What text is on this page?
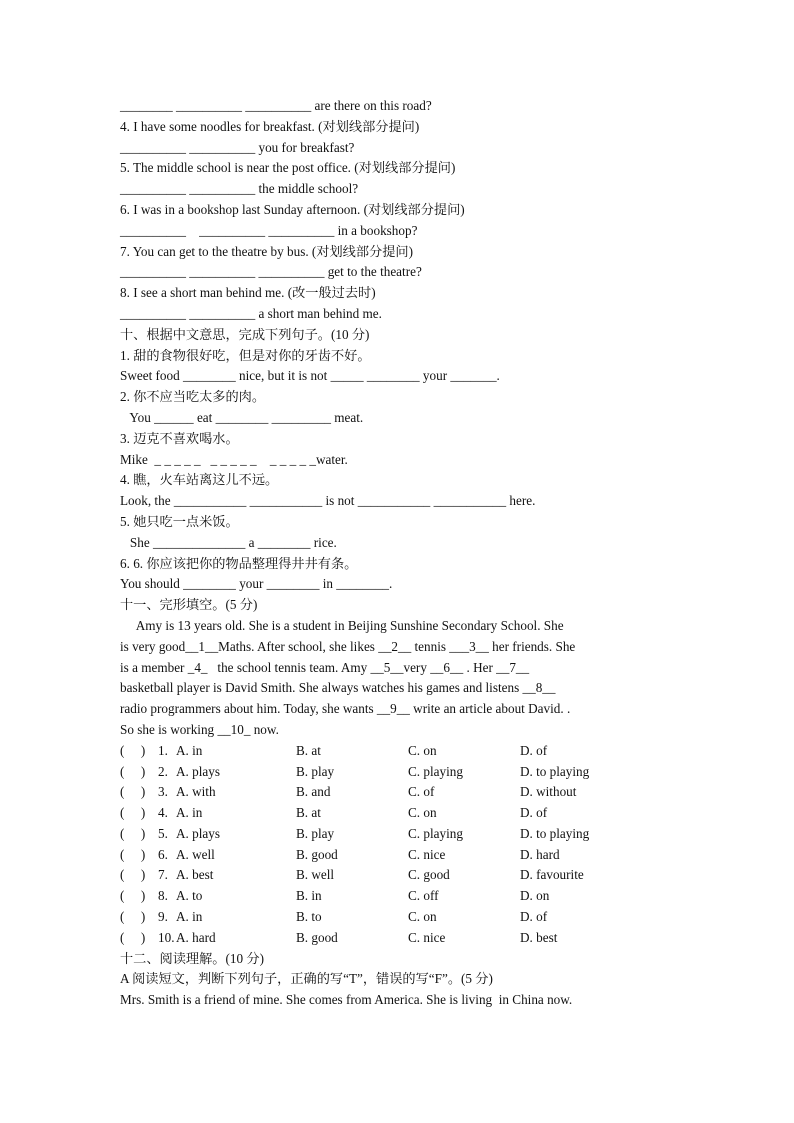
________ __________ __________ are there on this road?
4. I have some noodles for breakfast. (对划线部分提问)
__________ __________ you for breakfast?
5. The middle school is near the post office. (对划线部分提问)
__________ __________ the middle school?
6. I was in a bookshop last Sunday afternoon. (对划线部分提问)
__________    __________ __________ in a bookshop?
7. You can get to the theatre by bus. (对划线部分提问)
__________ __________ __________ get to the theatre?
8. I see a short man behind me. (改一般过去时)
__________ __________ a short man behind me.
十、根据中文意思，完成下列句子。(10 分)
1. 甜的食物很好吃，但是对你的牙齿不好。
Sweet food ________ nice, but it is not _____ ________ your _______.
2. 你不应当吃太多的肉。
You ______ eat ________ _________ meat.
3. 迈克不喜欢喝水。
Mike  _ _ _ _ _   _ _ _ _ _    _ _ _ _ _water.
4. 瞧，火车站离这儿不远。
Look, the ___________ ___________ is not ___________ ___________ here.
5. 她只吃一点米饭。
She ______________ a ________ rice.
6. 6. 你应该把你的物品整理得井井有条。
You should ________ your ________ in ________.
十一、完形填空。(5 分)
Amy is 13 years old. She is a student in Beijing Sunshine Secondary School. She
is very good__1__Maths. After school, she likes __2__ tennis ___3__ her friends. She
is a member _4_   the school tennis team. Amy __5__very __6__ . Her __7__
basketball player is David Smith. She always watches his games and listens __8__
radio programmers about him. Today, she wants __9__ write an article about David. .
So she is working __10_ now.
(     ) 1. A. in	B. at	C. on	D. of
(     ) 2. A. plays	B. play	C. playing	D. to playing
(     ) 3. A. with	B. and	C. of	D. without
(     ) 4. A. in	B. at	C. on	D. of
(     ) 5. A. plays	B. play	C. playing	D. to playing
(     ) 6. A. well	B. good	C. nice	D. hard
(     ) 7. A. best	B. well	C. good	D. favourite
(     ) 8. A. to	B. in	C. off	D. on
(     ) 9. A. in	B. to	C. on	D. of
(     ) 10. A. hard	B. good	C. nice	D. best
十二、阅读理解。(10 分)
A 阅读短文，判断下列句子，正确的写“T”，错误的写“F”。(5 分)
Mrs. Smith is a friend of mine. She comes from America. She is living  in China now.
